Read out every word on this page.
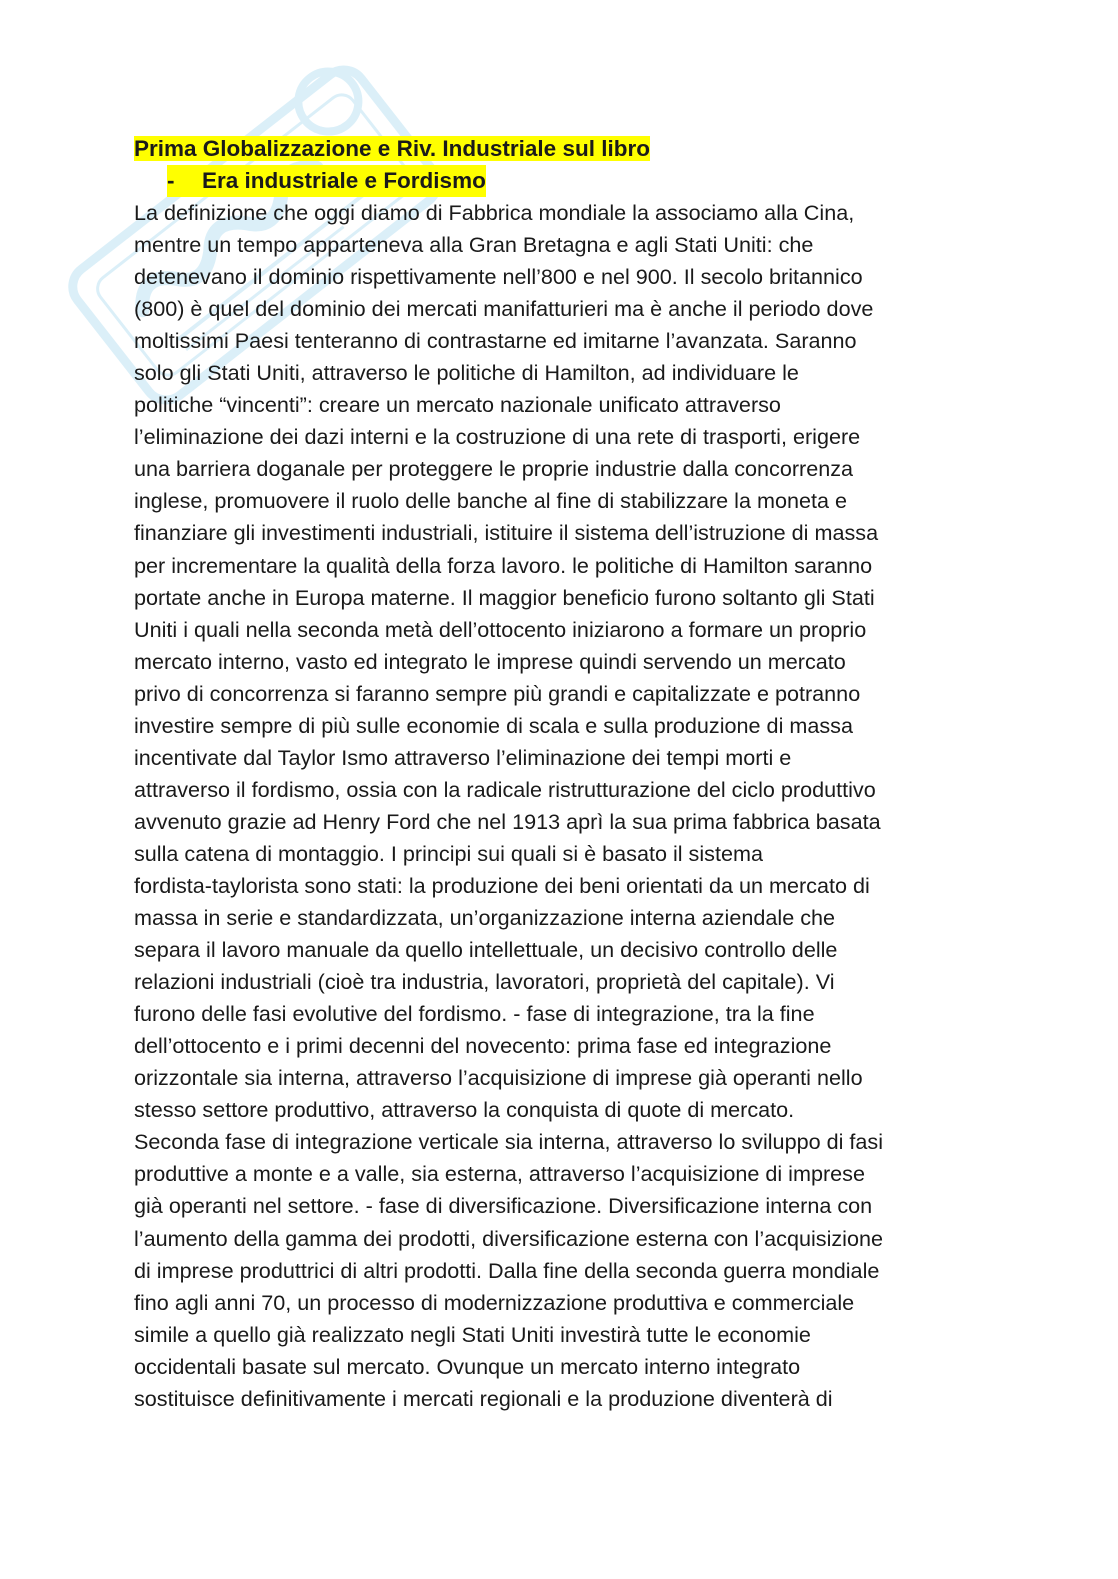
Prima Globalizzazione e Riv. Industriale sul libro
- Era industriale e Fordismo
La definizione che oggi diamo di Fabbrica mondiale la associamo alla Cina,
mentre un tempo apparteneva alla Gran Bretagna e agli Stati Uniti: che
detenevano il dominio rispettivamente nell’800 e nel 900. Il secolo britannico
(800) è quel del dominio dei mercati manifatturieri ma è anche il periodo dove
moltissimi Paesi tenteranno di contrastarne ed imitarne l’avanzata. Saranno
solo gli Stati Uniti, attraverso le politiche di Hamilton, ad individuare le
politiche “vincenti”: creare un mercato nazionale unificato attraverso
l’eliminazione dei dazi interni e la costruzione di una rete di trasporti, erigere
una barriera doganale per proteggere le proprie industrie dalla concorrenza
inglese, promuovere il ruolo delle banche al fine di stabilizzare la moneta e
finanziare gli investimenti industriali, istituire il sistema dell’istruzione di massa
per incrementare la qualità della forza lavoro. le politiche di Hamilton saranno
portate anche in Europa materne. Il maggior beneficio furono soltanto gli Stati
Uniti i quali nella seconda metà dell’ottocento iniziarono a formare un proprio
mercato interno, vasto ed integrato le imprese quindi servendo un mercato
privo di concorrenza si faranno sempre più grandi e capitalizzate e potranno
investire sempre di più sulle economie di scala e sulla produzione di massa
incentivate dal Taylor Ismo attraverso l’eliminazione dei tempi morti e
attraverso il fordismo, ossia con la radicale ristrutturazione del ciclo produttivo
avvenuto grazie ad Henry Ford che nel 1913 aprì la sua prima fabbrica basata
sulla catena di montaggio. I principi sui quali si è basato il sistema
fordista-taylorista sono stati: la produzione dei beni orientati da un mercato di
massa in serie e standardizzata, un’organizzazione interna aziendale che
separa il lavoro manuale da quello intellettuale, un decisivo controllo delle
relazioni industriali (cioè tra industria, lavoratori, proprietà del capitale). Vi
furono delle fasi evolutive del fordismo. - fase di integrazione, tra la fine
dell’ottocento e i primi decenni del novecento: prima fase ed integrazione
orizzontale sia interna, attraverso l’acquisizione di imprese già operanti nello
stesso settore produttivo, attraverso la conquista di quote di mercato.
Seconda fase di integrazione verticale sia interna, attraverso lo sviluppo di fasi
produttive a monte e a valle, sia esterna, attraverso l’acquisizione di imprese
già operanti nel settore. - fase di diversificazione. Diversificazione interna con
l’aumento della gamma dei prodotti, diversificazione esterna con l’acquisizione
di imprese produttrici di altri prodotti. Dalla fine della seconda guerra mondiale
fino agli anni 70, un processo di modernizzazione produttiva e commerciale
simile a quello già realizzato negli Stati Uniti investirà tutte le economie
occidentali basate sul mercato. Ovunque un mercato interno integrato
sostituisce definitivamente i mercati regionali e la produzione diventerà di
